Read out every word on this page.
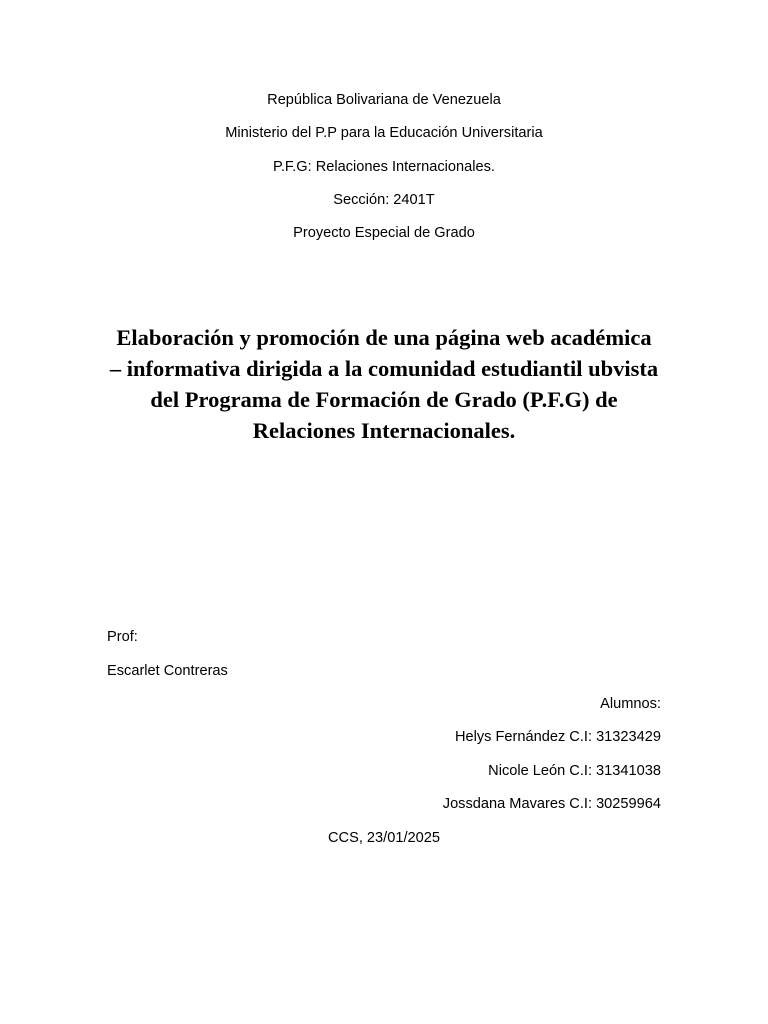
República Bolivariana de Venezuela
Ministerio del P.P para la Educación Universitaria
P.F.G: Relaciones Internacionales.
Sección: 2401T
Proyecto Especial de Grado
Elaboración y promoción de una página web académica
– informativa dirigida a la comunidad estudiantil ubvista
del Programa de Formación de Grado (P.F.G) de
Relaciones Internacionales.
Prof:
Escarlet Contreras
Alumnos:
Helys Fernández C.I: 31323429
Nicole León C.I: 31341038
Jossdana Mavares C.I: 30259964
CCS, 23/01/2025
